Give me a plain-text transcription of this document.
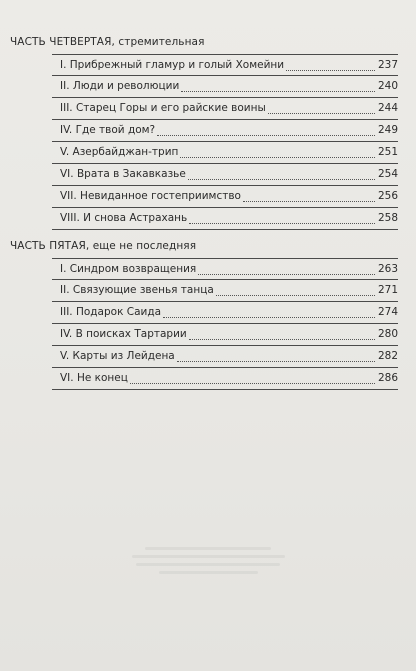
ЧАСТЬ ЧЕТВЕРТАЯ, стремительная
I. Прибрежный гламур и голый Хомейни	237
II. Люди и революции	240
III. Старец Горы и его райские воины	244
IV. Где твой дом?	249
V. Азербайджан-трип	251
VI. Врата в Закавказье	254
VII. Невиданное гостеприимство	256
VIII. И снова Астрахань	258
ЧАСТЬ ПЯТАЯ, еще не последняя
I. Синдром возвращения	263
II. Связующие звенья танца	271
III. Подарок Саида	274
IV. В поисках Тартарии	280
V. Карты из Лейдена	282
VI. Не конец	286
